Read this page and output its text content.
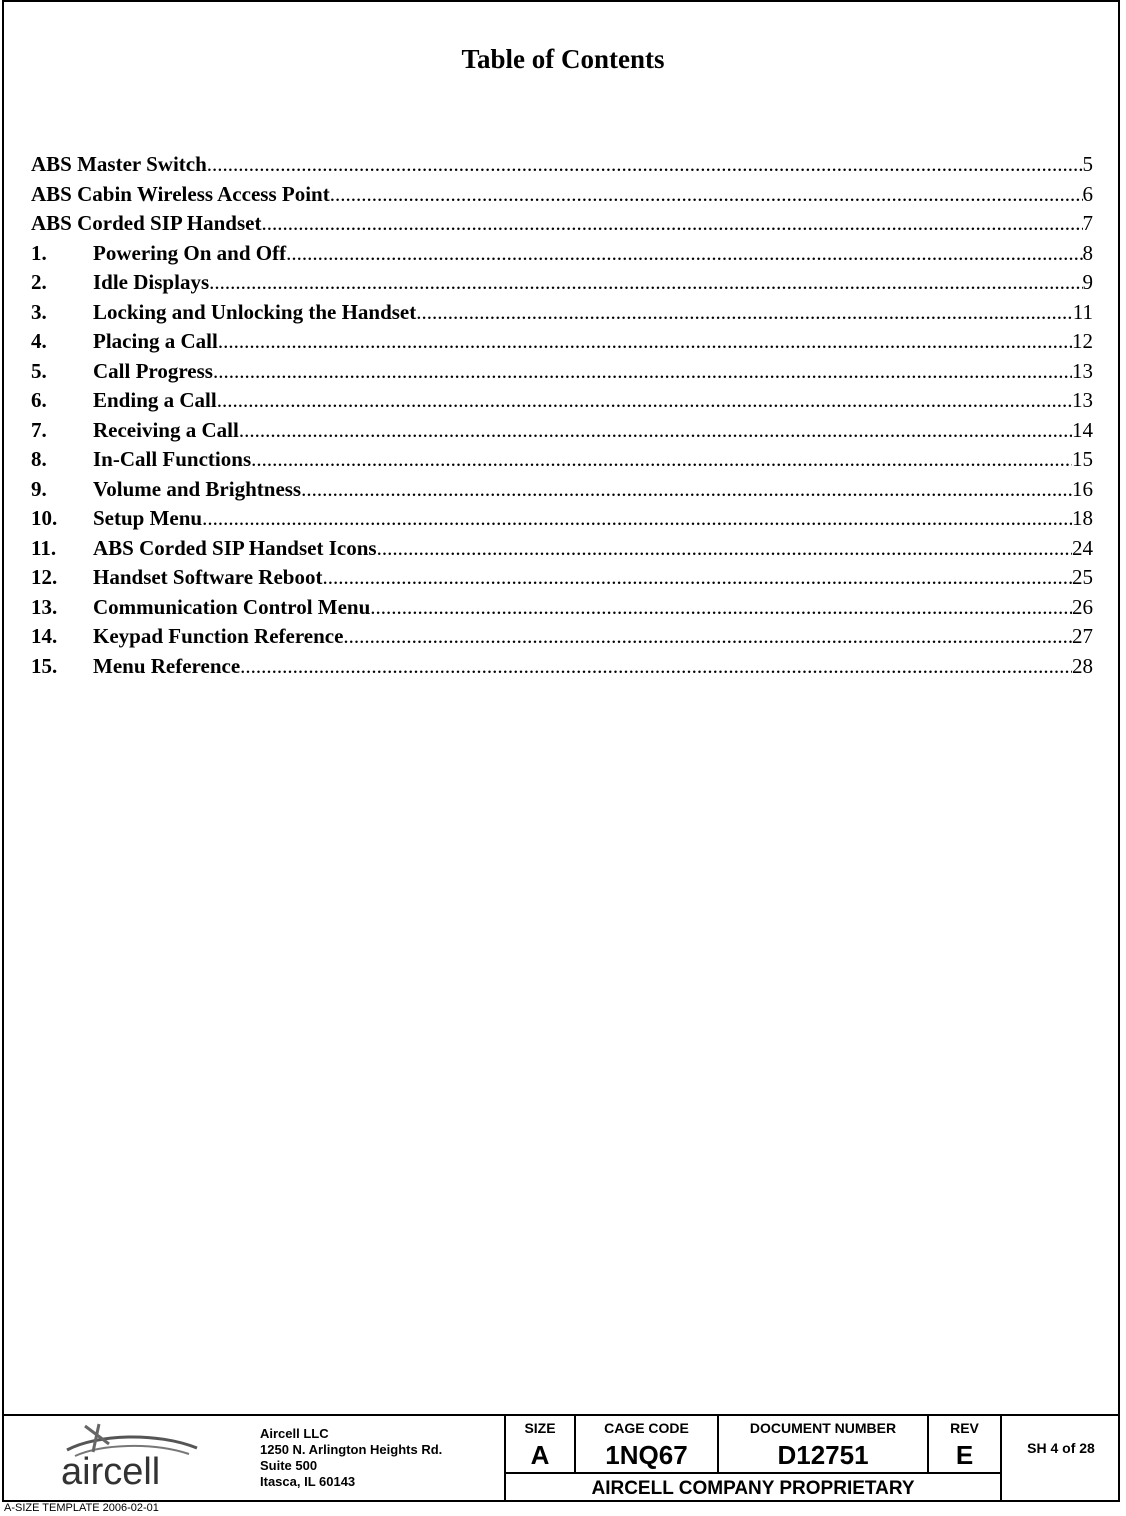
Table of Contents
ABS Master Switch .....	5
ABS Cabin Wireless Access Point .....	6
ABS Corded SIP Handset .....	7
1.	Powering On and Off .....	8
2.	Idle Displays .....	9
3.	Locking and Unlocking the Handset .....	11
4.	Placing a Call .....	12
5.	Call Progress .....	13
6.	Ending a Call .....	13
7.	Receiving a Call .....	14
8.	In-Call Functions .....	15
9.	Volume and Brightness .....	16
10.	Setup Menu .....	18
11.	ABS Corded SIP Handset Icons .....	24
12.	Handset Software Reboot .....	25
13.	Communication Control Menu .....	26
14.	Keypad Function Reference .....	27
15.	Menu Reference .....	28
aircell
Aircell LLC
1250 N. Arlington Heights Rd.
Suite 500
Itasca, IL 60143
SIZE
A
CAGE CODE
1NQ67
DOCUMENT NUMBER
D12751
REV
E	SH 4 of 28
AIRCELL COMPANY PROPRIETARY
A-SIZE TEMPLATE 2006-02-01
